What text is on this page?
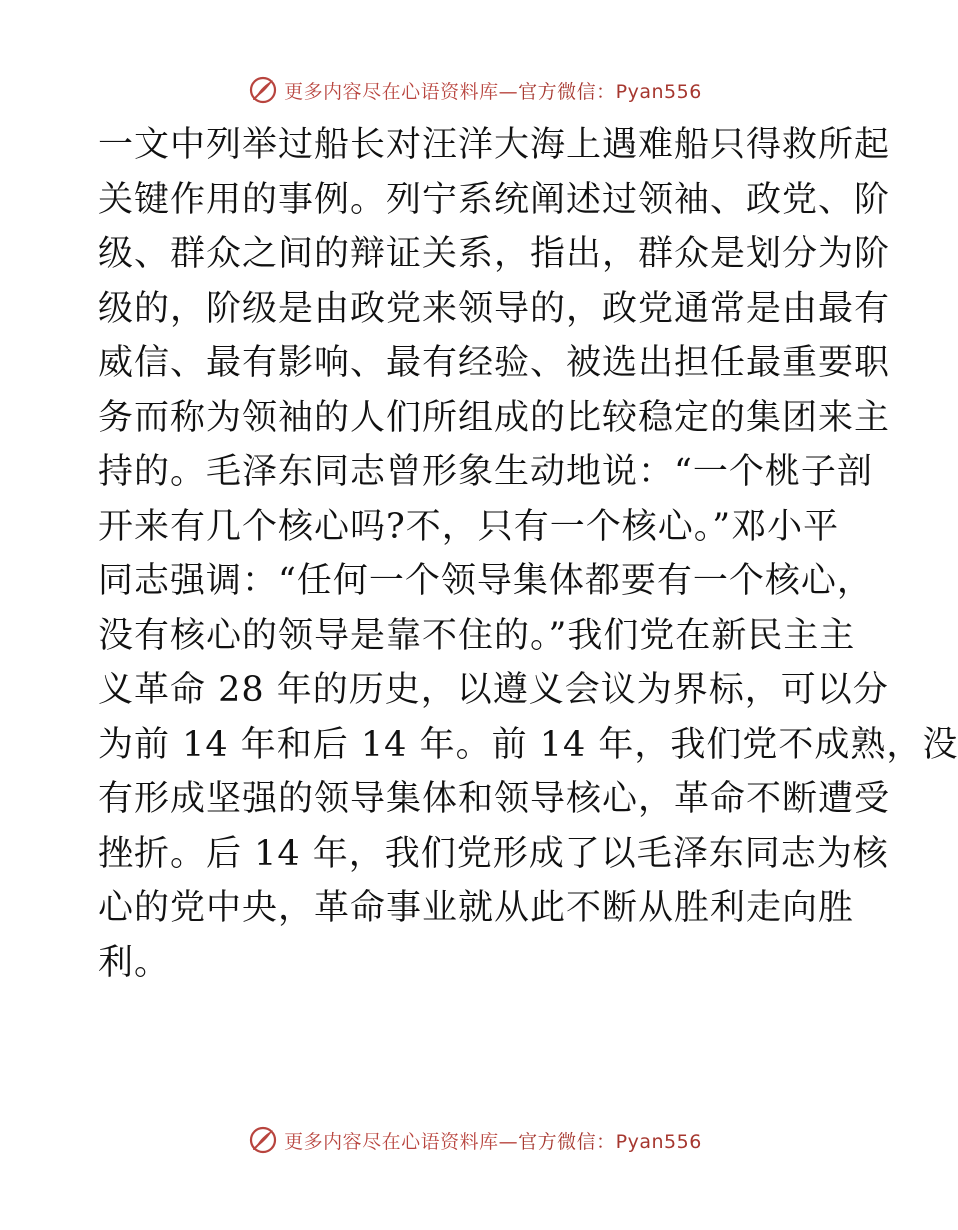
更多内容尽在心语资料库—官方微信：Pyan556
一文中列举过船长对汪洋大海上遇难船只得救所起
关键作用的事例。列宁系统阐述过领袖、政党、阶
级、群众之间的辩证关系，指出，群众是划分为阶
级的，阶级是由政党来领导的，政党通常是由最有
威信、最有影响、最有经验、被选出担任最重要职
务而称为领袖的人们所组成的比较稳定的集团来主
持的。毛泽东同志曾形象生动地说：“一个桃子剖
开来有几个核心吗?不，只有一个核心。”邓小平
同志强调：“任何一个领导集体都要有一个核心，
没有核心的领导是靠不住的。”我们党在新民主主
义革命 28 年的历史，以遵义会议为界标，可以分
为前 14 年和后 14 年。前 14 年，我们党不成熟，没
有形成坚强的领导集体和领导核心，革命不断遭受
挫折。后 14 年，我们党形成了以毛泽东同志为核
心的党中央，革命事业就从此不断从胜利走向胜
利。
更多内容尽在心语资料库—官方微信：Pyan556
